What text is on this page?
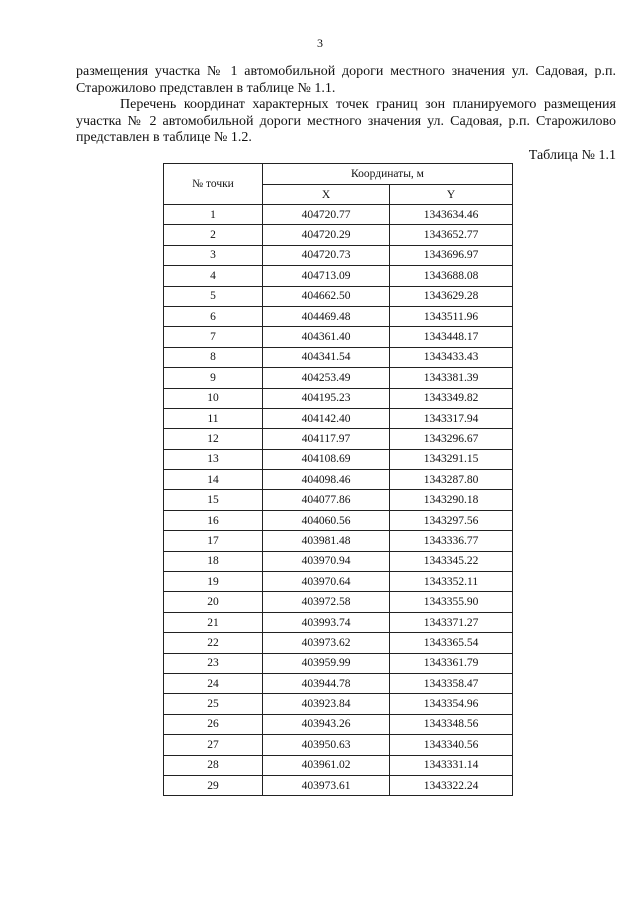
3

размещения участка № 1 автомобильной дороги местного значения ул. Садовая, р.п. Старожилово представлен в таблице № 1.1.

Перечень координат характерных точек границ зон планируемого размещения участка № 2 автомобильной дороги местного значения ул. Садовая, р.п. Старожилово представлен в таблице № 1.2.

Таблица № 1.1
№ точки	Координаты, м	
	X	Y
1	404720.77	1343634.46
2	404720.29	1343652.77
3	404720.73	1343696.97
4	404713.09	1343688.08
5	404662.50	1343629.28
6	404469.48	1343511.96
7	404361.40	1343448.17
8	404341.54	1343433.43
9	404253.49	1343381.39
10	404195.23	1343349.82
11	404142.40	1343317.94
12	404117.97	1343296.67
13	404108.69	1343291.15
14	404098.46	1343287.80
15	404077.86	1343290.18
16	404060.56	1343297.56
17	403981.48	1343336.77
18	403970.94	1343345.22
19	403970.64	1343352.11
20	403972.58	1343355.90
21	403993.74	1343371.27
22	403973.62	1343365.54
23	403959.99	1343361.79
24	403944.78	1343358.47
25	403923.84	1343354.96
26	403943.26	1343348.56
27	403950.63	1343340.56
28	403961.02	1343331.14
29	403973.61	1343322.24
